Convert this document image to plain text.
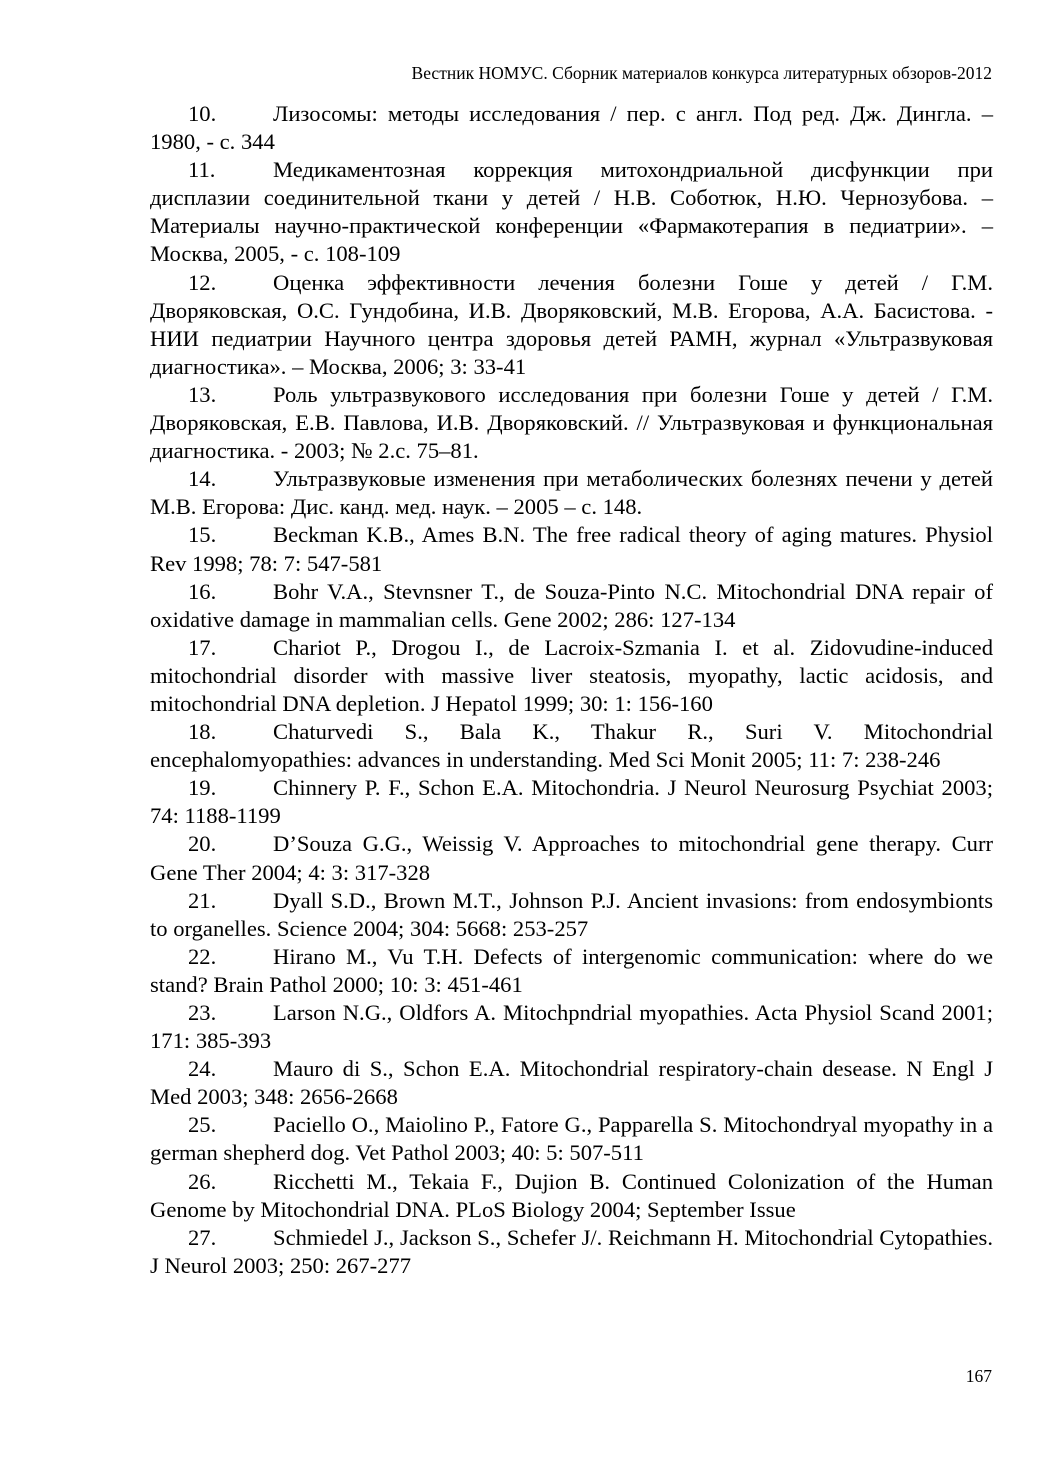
Вестник НОМУС. Сборник материалов конкурса литературных обзоров-2012

10.	Лизосомы: методы исследования / пер. с англ. Под ред. Дж. Дингла. – 1980, - с. 344

11.	Медикаментозная коррекция митохондриальной дисфункции при дисплазии соединительной ткани у детей / Н.В. Соботюк, Н.Ю. Чернозубова. – Материалы научно-практической конференции «Фармакотерапия в педиатрии». – Москва, 2005, - с. 108-109

12.	Оценка эффективности лечения болезни Гоше у детей / Г.М. Дворяковская, О.С. Гундобина, И.В. Дворяковский, М.В. Егорова, А.А. Басистова. - НИИ педиатрии Научного центра здоровья детей РАМН, журнал «Ультразвуковая диагностика». – Москва, 2006; 3: 33-41

13.	Роль ультразвукового исследования при болезни Гоше у детей / Г.М. Дворяковская, Е.В. Павлова, И.В. Дворяковский. // Ультразвуковая и функциональная диагностика. - 2003; № 2.с. 75–81.

14.	Ультразвуковые изменения при метаболических болезнях печени у детей М.В. Егорова: Дис. канд. мед. наук. – 2005 – с. 148.

15.	Beckman K.B., Ames B.N. The free radical theory of aging matures. Physiol Rev 1998; 78: 7: 547-581

16.	Bohr V.A., Stevnsner T., de Souza-Pinto N.C. Mitochondrial DNA repair of oxidative damage in mammalian cells. Gene 2002; 286: 127-134

17.	Chariot P., Drogou I., de Lacroix-Szmania I. et al. Zidovudine-induced mitochondrial disorder with massive liver steatosis, myopathy, lactic acidosis, and mitochondrial DNA depletion. J Hepatol 1999; 30: 1: 156-160

18.	Chaturvedi S., Bala K., Thakur R., Suri V. Mitochondrial encephalomyopathies: advances in understanding. Med Sci Monit 2005; 11: 7: 238-246

19.	Chinnery P. F., Schon E.A. Mitochondria. J Neurol Neurosurg Psychiat 2003; 74: 1188-1199

20.	D’Souza G.G., Weissig V. Approaches to mitochondrial gene therapy. Curr Gene Ther 2004; 4: 3: 317-328

21.	Dyall S.D., Brown M.T., Johnson P.J. Ancient invasions: from endosymbionts to organelles. Science 2004; 304: 5668: 253-257

22.	Hirano M., Vu T.H. Defects of intergenomic communication: where do we stand? Brain Pathol 2000; 10: 3: 451-461

23.	Larson N.G., Oldfors A. Mitochpndrial myopathies. Acta Physiol Scand 2001; 171: 385-393

24.	Mauro di S., Schon E.A. Mitochondrial respiratory-chain desease. N Engl J Med 2003; 348: 2656-2668

25.	Paciello O., Maiolino P., Fatore G., Papparella S. Mitochondryal myopathy in a german shepherd dog. Vet Pathol 2003; 40: 5: 507-511

26.	Ricchetti M., Tekaia F., Dujion B. Continued Colonization of the Human Genome by Mitochondrial DNA. PLoS Biology 2004; September Issue

27.	Schmiedel J., Jackson S., Schefer J/. Reichmann H. Mitochondrial Cytopathies. J Neurol 2003; 250: 267-277

167
